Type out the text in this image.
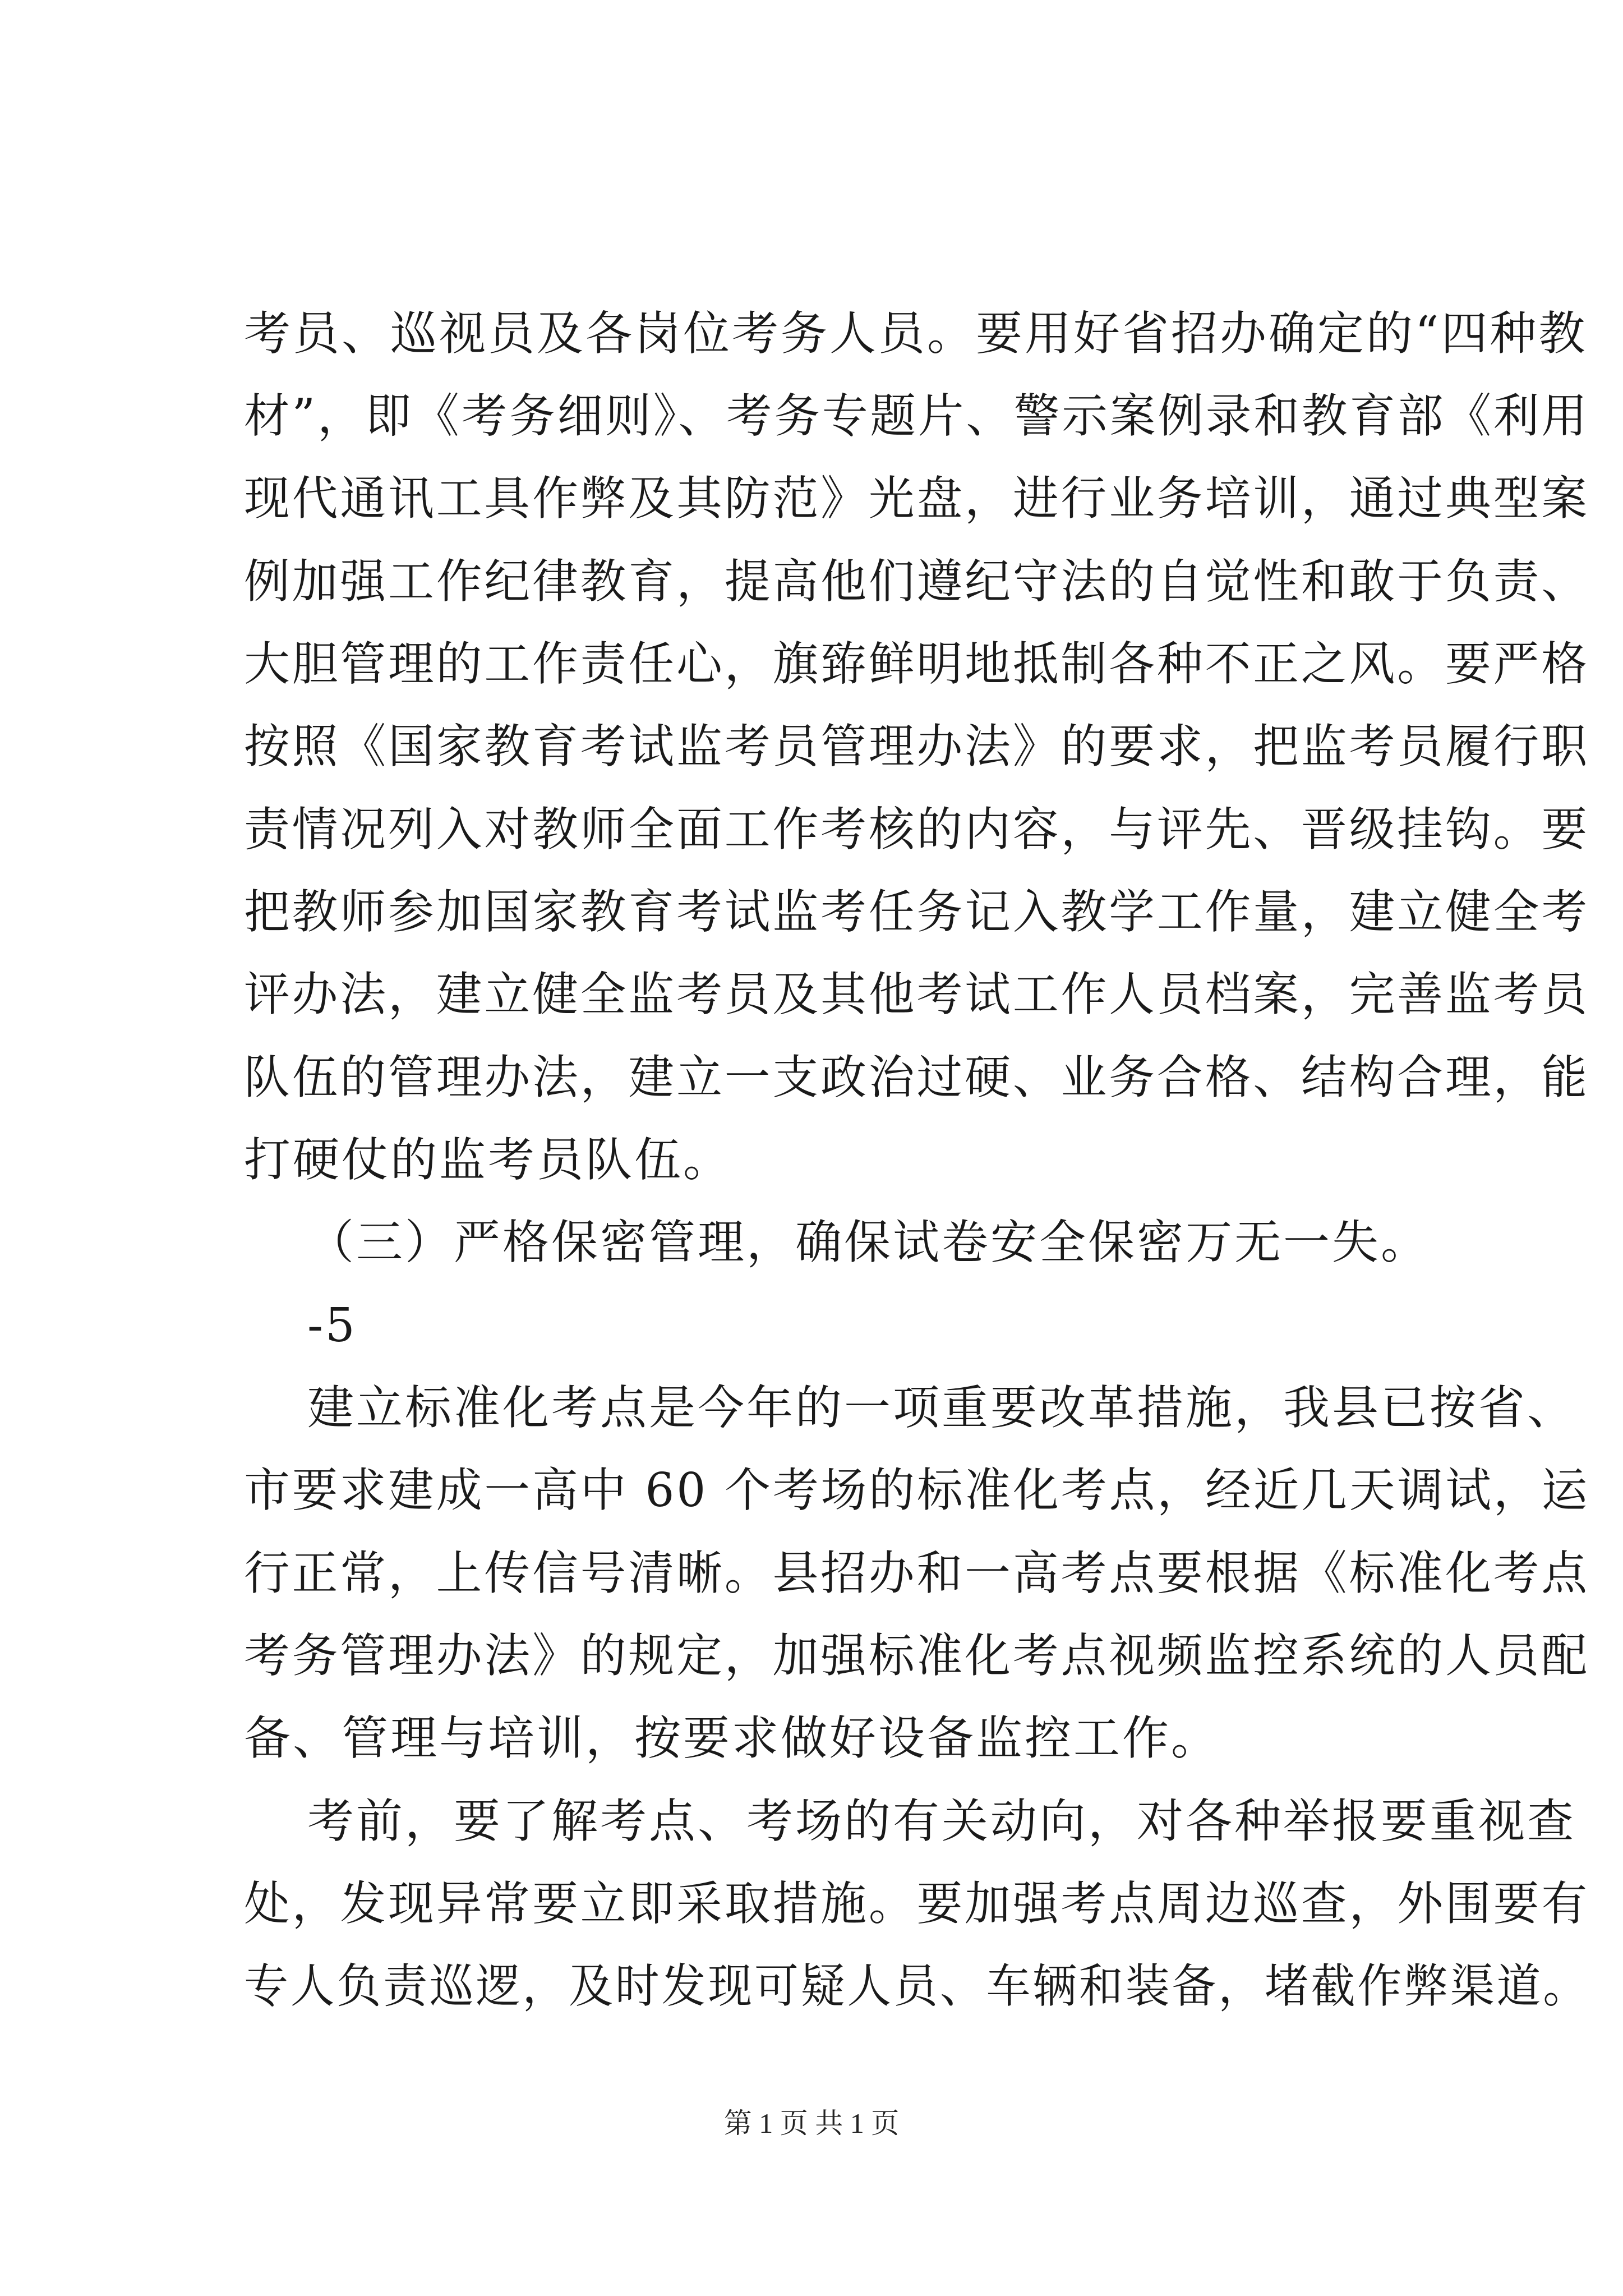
考员、巡视员及各岗位考务人员。要用好省招办确定的“四种教
材”，即《考务细则》、考务专题片、警示案例录和教育部《利用
现代通讯工具作弊及其防范》光盘，进行业务培训，通过典型案
例加强工作纪律教育，提高他们遵纪守法的自觉性和敢于负责、
大胆管理的工作责任心，旗臶鲜明地抵制各种不正之风。要严格
按照《国家教育考试监考员管理办法》的要求，把监考员履行职
责情况列入对教师全面工作考核的内容，与评先、晋级挂钩。要
把教师参加国家教育考试监考任务记入教学工作量，建立健全考
评办法，建立健全监考员及其他考试工作人员档案，完善监考员
队伍的管理办法，建立一支政治过硬、业务合格、结构合理，能
打硬仗的监考员队伍。
（三）严格保密管理，确保试卷安全保密万无一失。
-5
建立标准化考点是今年的一项重要改革措施，我县已按省、
市要求建成一高中 60 个考场的标准化考点，经近几天调试，运
行正常，上传信号清晰。县招办和一高考点要根据《标准化考点
考务管理办法》的规定，加强标准化考点视频监控系统的人员配
备、管理与培训，按要求做好设备监控工作。
考前，要了解考点、考场的有关动向，对各种举报要重视查
处，发现异常要立即采取措施。要加强考点周边巡查，外围要有
专人负责巡逻，及时发现可疑人员、车辆和装备，堵截作弊渠道。
第 1 页 共 1 页
